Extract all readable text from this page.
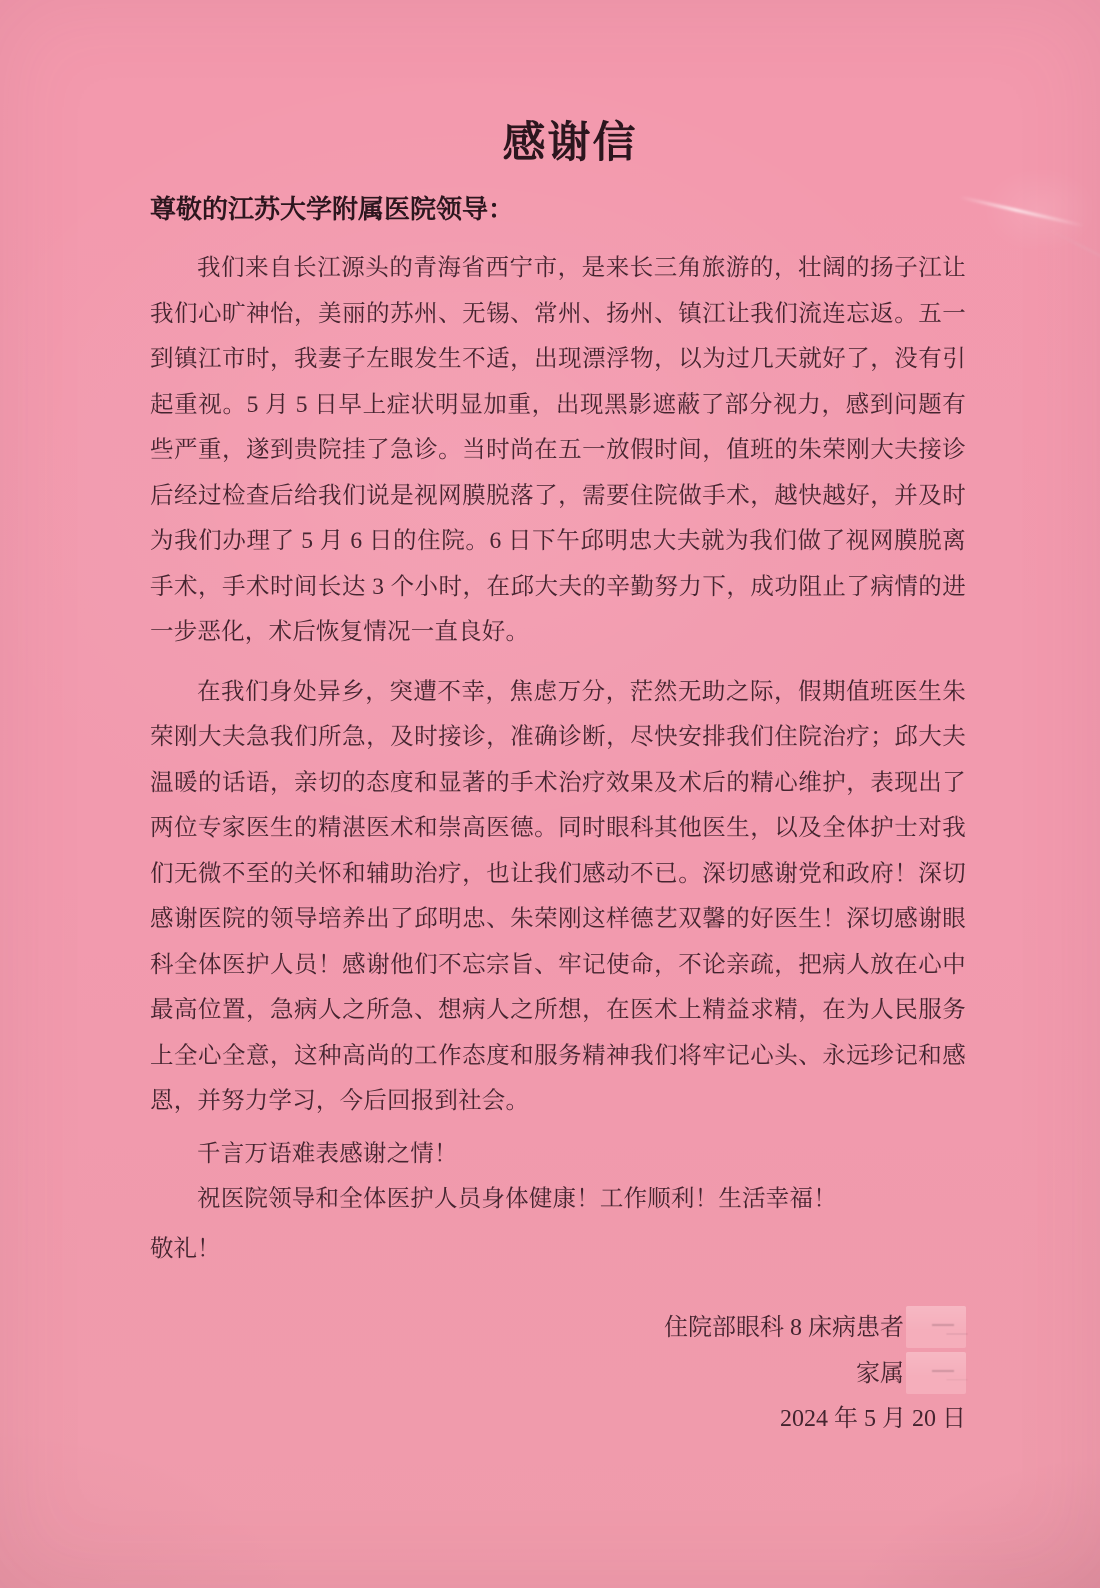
感谢信
尊敬的江苏大学附属医院领导：

我们来自长江源头的青海省西宁市，是来长三角旅游的，壮阔的扬子江让我们心旷神怡，美丽的苏州、无锡、常州、扬州、镇江让我们流连忘返。五一到镇江市时，我妻子左眼发生不适，出现漂浮物，以为过几天就好了，没有引起重视。5 月 5 日早上症状明显加重，出现黑影遮蔽了部分视力，感到问题有些严重，遂到贵院挂了急诊。当时尚在五一放假时间，值班的朱荣刚大夫接诊后经过检查后给我们说是视网膜脱落了，需要住院做手术，越快越好，并及时为我们办理了 5 月 6 日的住院。6 日下午邱明忠大夫就为我们做了视网膜脱离手术，手术时间长达 3 个小时，在邱大夫的辛勤努力下，成功阻止了病情的进一步恶化，术后恢复情况一直良好。

在我们身处异乡，突遭不幸，焦虑万分，茫然无助之际，假期值班医生朱荣刚大夫急我们所急，及时接诊，准确诊断，尽快安排我们住院治疗；邱大夫温暖的话语，亲切的态度和显著的手术治疗效果及术后的精心维护，表现出了两位专家医生的精湛医术和崇高医德。同时眼科其他医生，以及全体护士对我们无微不至的关怀和辅助治疗，也让我们感动不已。深切感谢党和政府！深切感谢医院的领导培养出了邱明忠、朱荣刚这样德艺双馨的好医生！深切感谢眼科全体医护人员！感谢他们不忘宗旨、牢记使命，不论亲疏，把病人放在心中最高位置，急病人之所急、想病人之所想，在医术上精益求精，在为人民服务上全心全意，这种高尚的工作态度和服务精神我们将牢记心头、永远珍记和感恩，并努力学习，今后回报到社会。

千言万语难表感谢之情！

祝医院领导和全体医护人员身体健康！工作顺利！生活幸福！

敬礼！
住院部眼科 8 床病患者
家属
2024 年 5 月 20 日
